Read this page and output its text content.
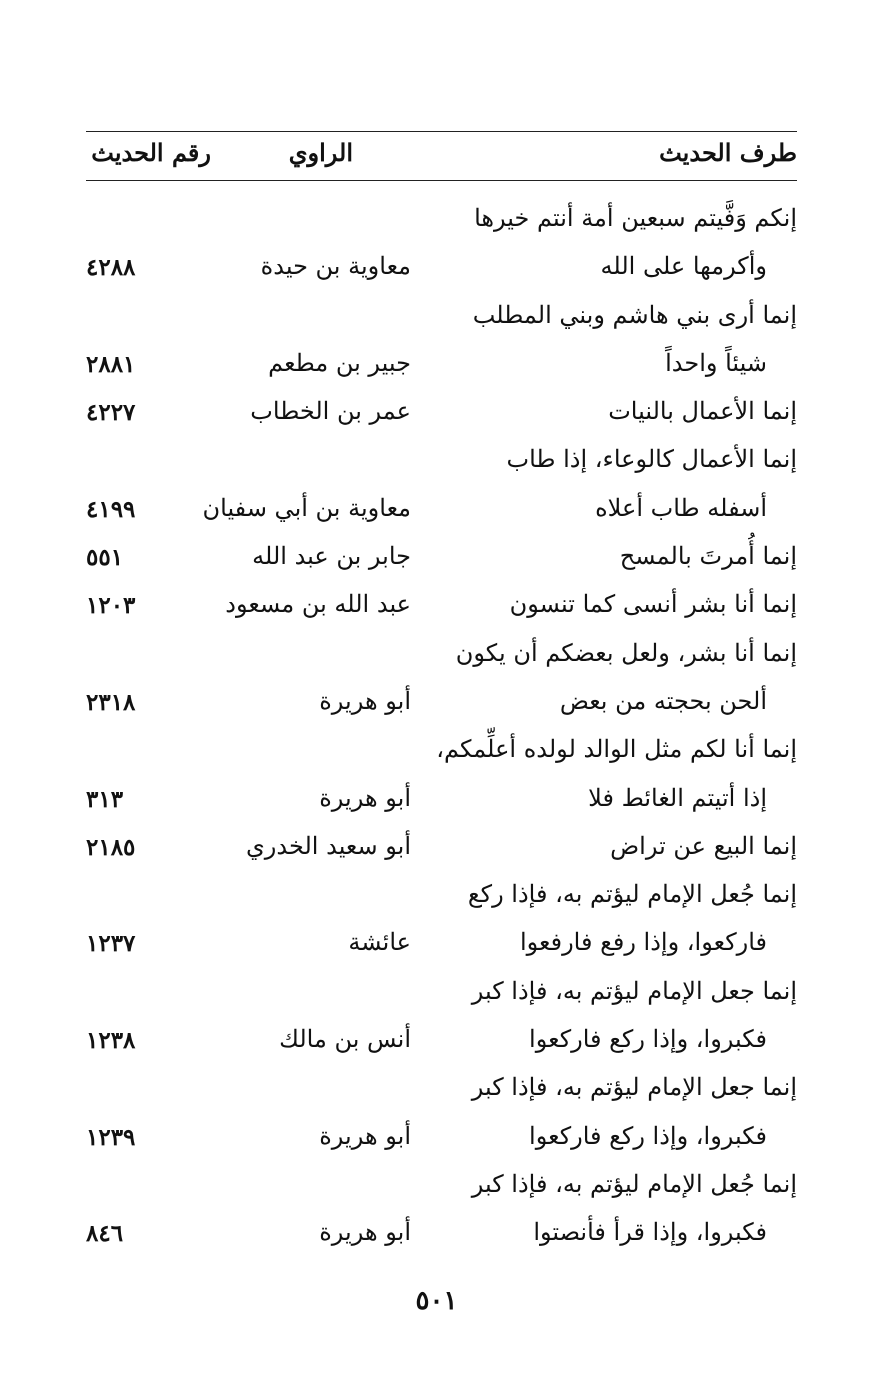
طرف الحديث
الراوي
رقم الحديث
إنكم وَفَّيتم سبعين أمة أنتم خيرها
وأكرمها على الله
معاوية بن حيدة
٤٢٨٨
إنما أرى بني هاشم وبني المطلب
شيئاً واحداً
جبير بن مطعم
٢٨٨١
إنما الأعمال بالنيات
عمر بن الخطاب
٤٢٢٧
إنما الأعمال كالوعاء، إذا طاب
أسفله طاب أعلاه
معاوية بن أبي سفيان
٤١٩٩
إنما أُمرتَ بالمسح
جابر بن عبد الله
٥٥١
إنما أنا بشر أنسى كما تنسون
عبد الله بن مسعود
١٢٠٣
إنما أنا بشر، ولعل بعضكم أن يكون
ألحن بحجته من بعض
أبو هريرة
٢٣١٨
إنما أنا لكم مثل الوالد لولده أعلِّمكم،
إذا أتيتم الغائط فلا
أبو هريرة
٣١٣
إنما البيع عن تراض
أبو سعيد الخدري
٢١٨٥
إنما جُعل الإمام ليؤتم به، فإذا ركع
فاركعوا، وإذا رفع فارفعوا
عائشة
١٢٣٧
إنما جعل الإمام ليؤتم به، فإذا كبر
فكبروا، وإذا ركع فاركعوا
أنس بن مالك
١٢٣٨
إنما جعل الإمام ليؤتم به، فإذا كبر
فكبروا، وإذا ركع فاركعوا
أبو هريرة
١٢٣٩
إنما جُعل الإمام ليؤتم به، فإذا كبر
فكبروا، وإذا قرأ فأنصتوا
أبو هريرة
٨٤٦
٥٠١
